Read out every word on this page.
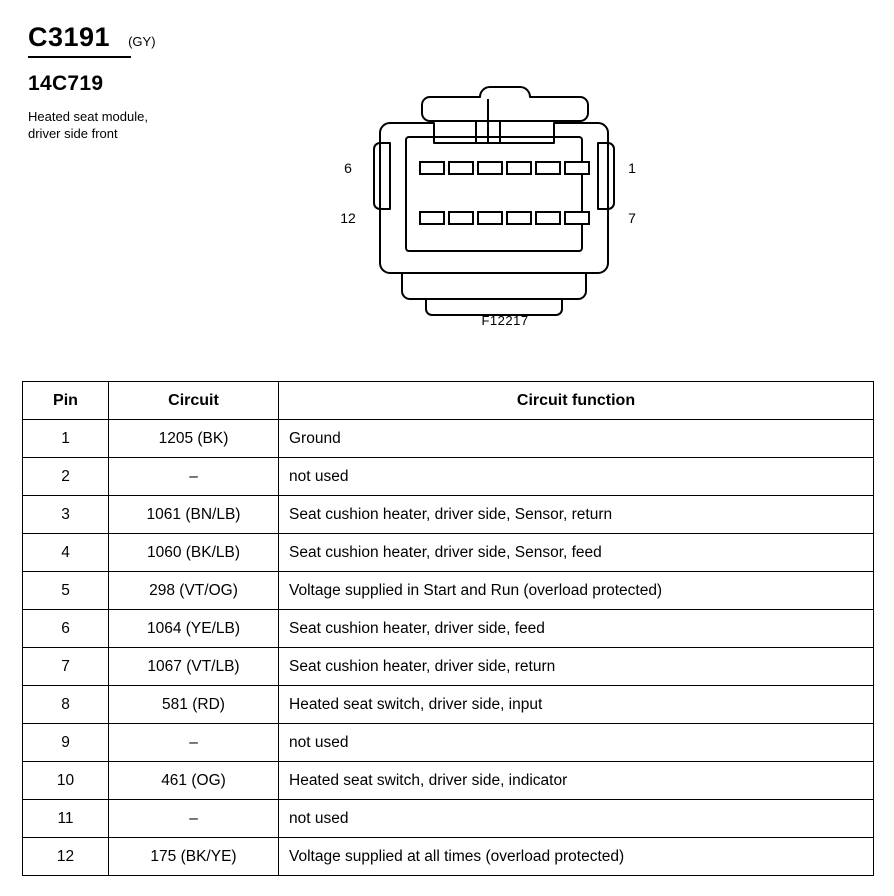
C3191 (GY)
14C719
Heated seat module, driver side front
6	1
12	7
F12217
Pin	Circuit	Circuit function
1	1205 (BK)	Ground
2	–	not used
3	1061 (BN/LB)	Seat cushion heater, driver side, Sensor, return
4	1060 (BK/LB)	Seat cushion heater, driver side, Sensor, feed
5	298 (VT/OG)	Voltage supplied in Start and Run (overload protected)
6	1064 (YE/LB)	Seat cushion heater, driver side, feed
7	1067 (VT/LB)	Seat cushion heater, driver side, return
8	581 (RD)	Heated seat switch, driver side, input
9	–	not used
10	461 (OG)	Heated seat switch, driver side, indicator
11	–	not used
12	175 (BK/YE)	Voltage supplied at all times (overload protected)
